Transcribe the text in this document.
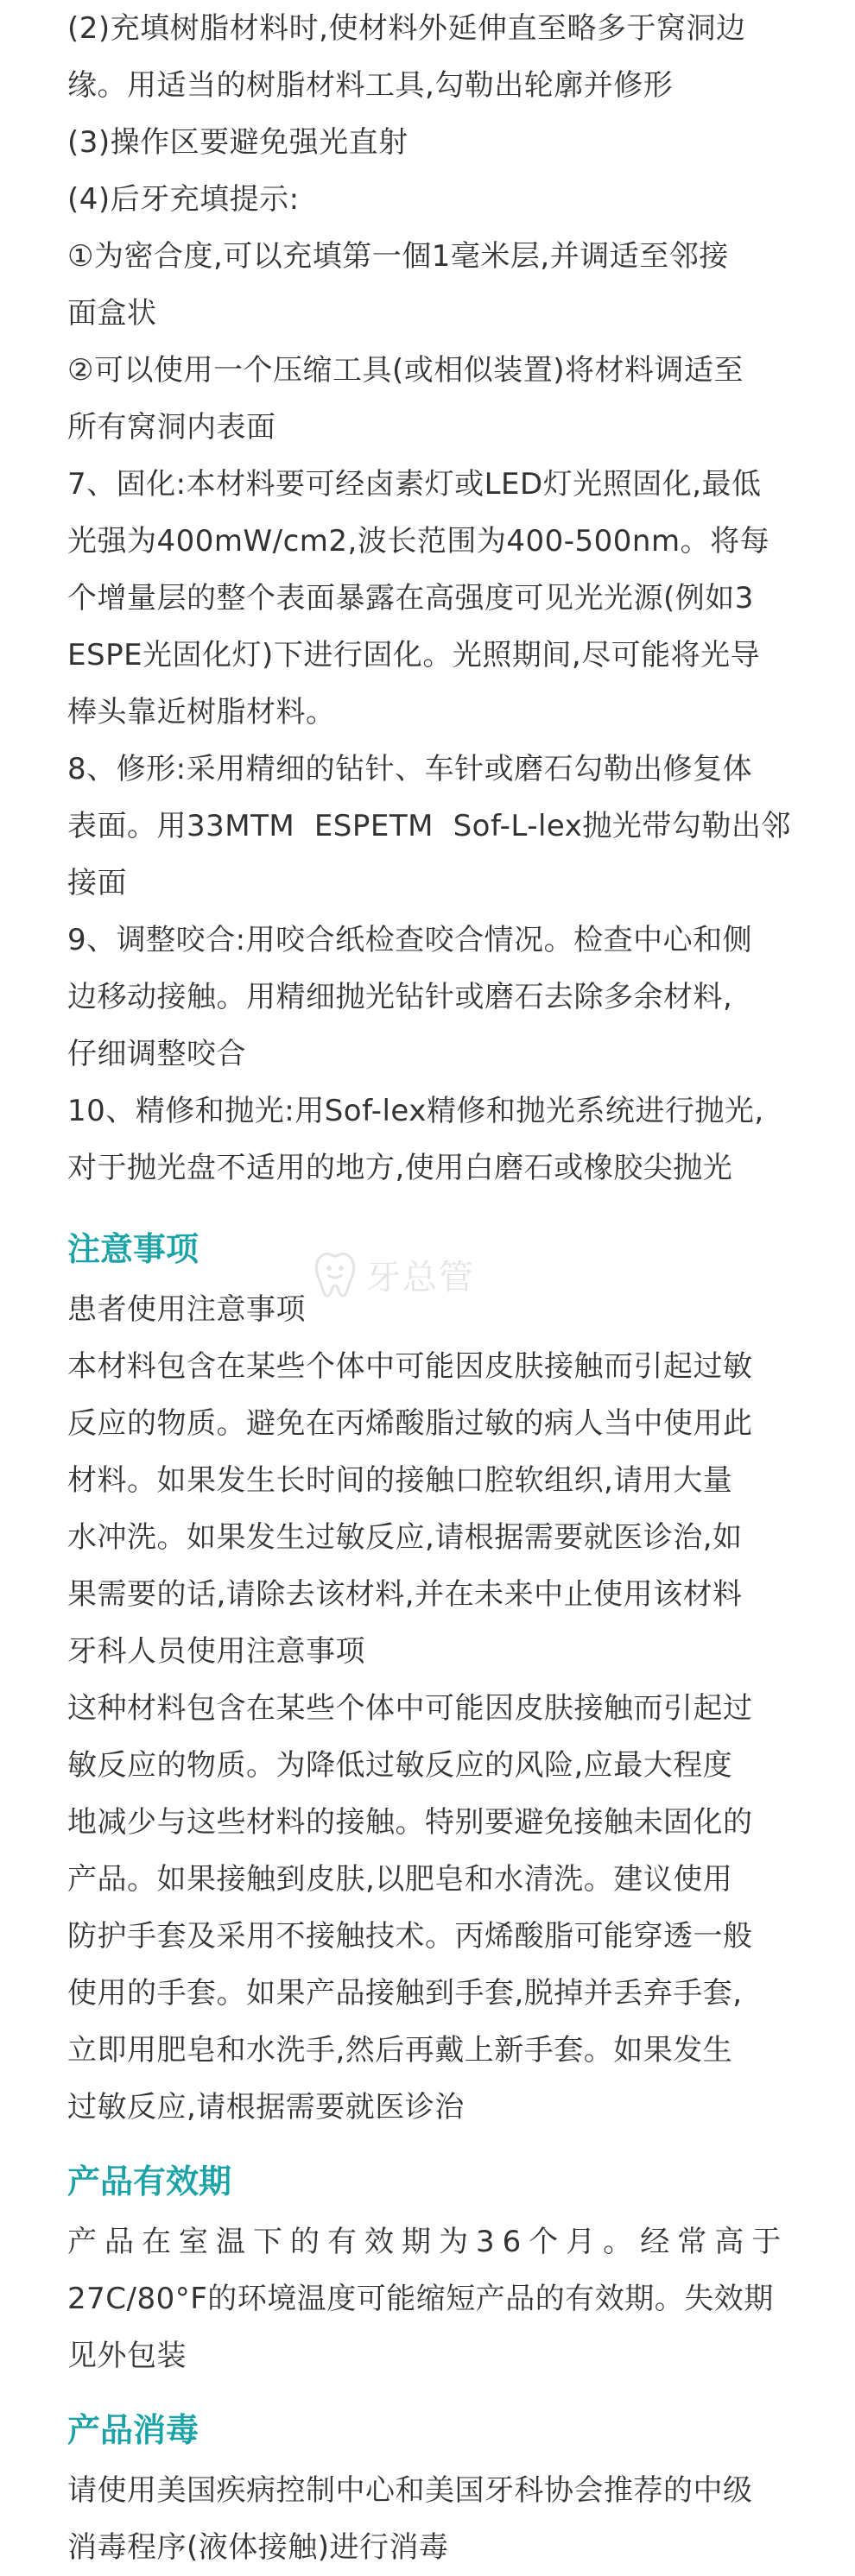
(2)充填树脂材料时,使材料外延伸直至略多于窝洞边
缘。用适当的树脂材料工具,勾勒出轮廓并修形
(3)操作区要避免强光直射
(4)后牙充填提示:
①为密合度,可以充填第一個1毫米层,并调适至邻接
面盒状
②可以使用一个压缩工具(或相似装置)将材料调适至
所有窝洞内表面
7、固化:本材料要可经卤素灯或LED灯光照固化,最低
光强为400mW/cm2,波长范围为400-500nm。将每
个增量层的整个表面暴露在高强度可见光光源(例如3
ESPE光固化灯)下进行固化。光照期间,尽可能将光导
棒头靠近树脂材料。
8、修形:采用精细的钻针、车针或磨石勾勒出修复体
表面。用33MTM  ESPETM  Sof-L-lex抛光带勾勒出邻
接面
9、调整咬合:用咬合纸检查咬合情况。检查中心和侧
边移动接触。用精细抛光钻针或磨石去除多余材料,
仔细调整咬合
10、精修和抛光:用Sof-lex精修和抛光系统进行抛光,
对于抛光盘不适用的地方,使用白磨石或橡胶尖抛光
注意事项
患者使用注意事项
本材料包含在某些个体中可能因皮肤接触而引起过敏
反应的物质。避免在丙烯酸脂过敏的病人当中使用此
材料。如果发生长时间的接触口腔软组织,请用大量
水冲洗。如果发生过敏反应,请根据需要就医诊治,如
果需要的话,请除去该材料,并在未来中止使用该材料
牙科人员使用注意事项
这种材料包含在某些个体中可能因皮肤接触而引起过
敏反应的物质。为降低过敏反应的风险,应最大程度
地减少与这些材料的接触。特别要避免接触未固化的
产品。如果接触到皮肤,以肥皂和水清洗。建议使用
防护手套及采用不接触技术。丙烯酸脂可能穿透一般
使用的手套。如果产品接触到手套,脱掉并丢弃手套,
立即用肥皂和水洗手,然后再戴上新手套。如果发生
过敏反应,请根据需要就医诊治
产品有效期
产品在室温下的有效期为36个月。经常高于
27C/80°F的环境温度可能缩短产品的有效期。失效期
见外包装
产品消毒
请使用美国疾病控制中心和美国牙科协会推荐的中级
消毒程序(液体接触)进行消毒
牙总管
